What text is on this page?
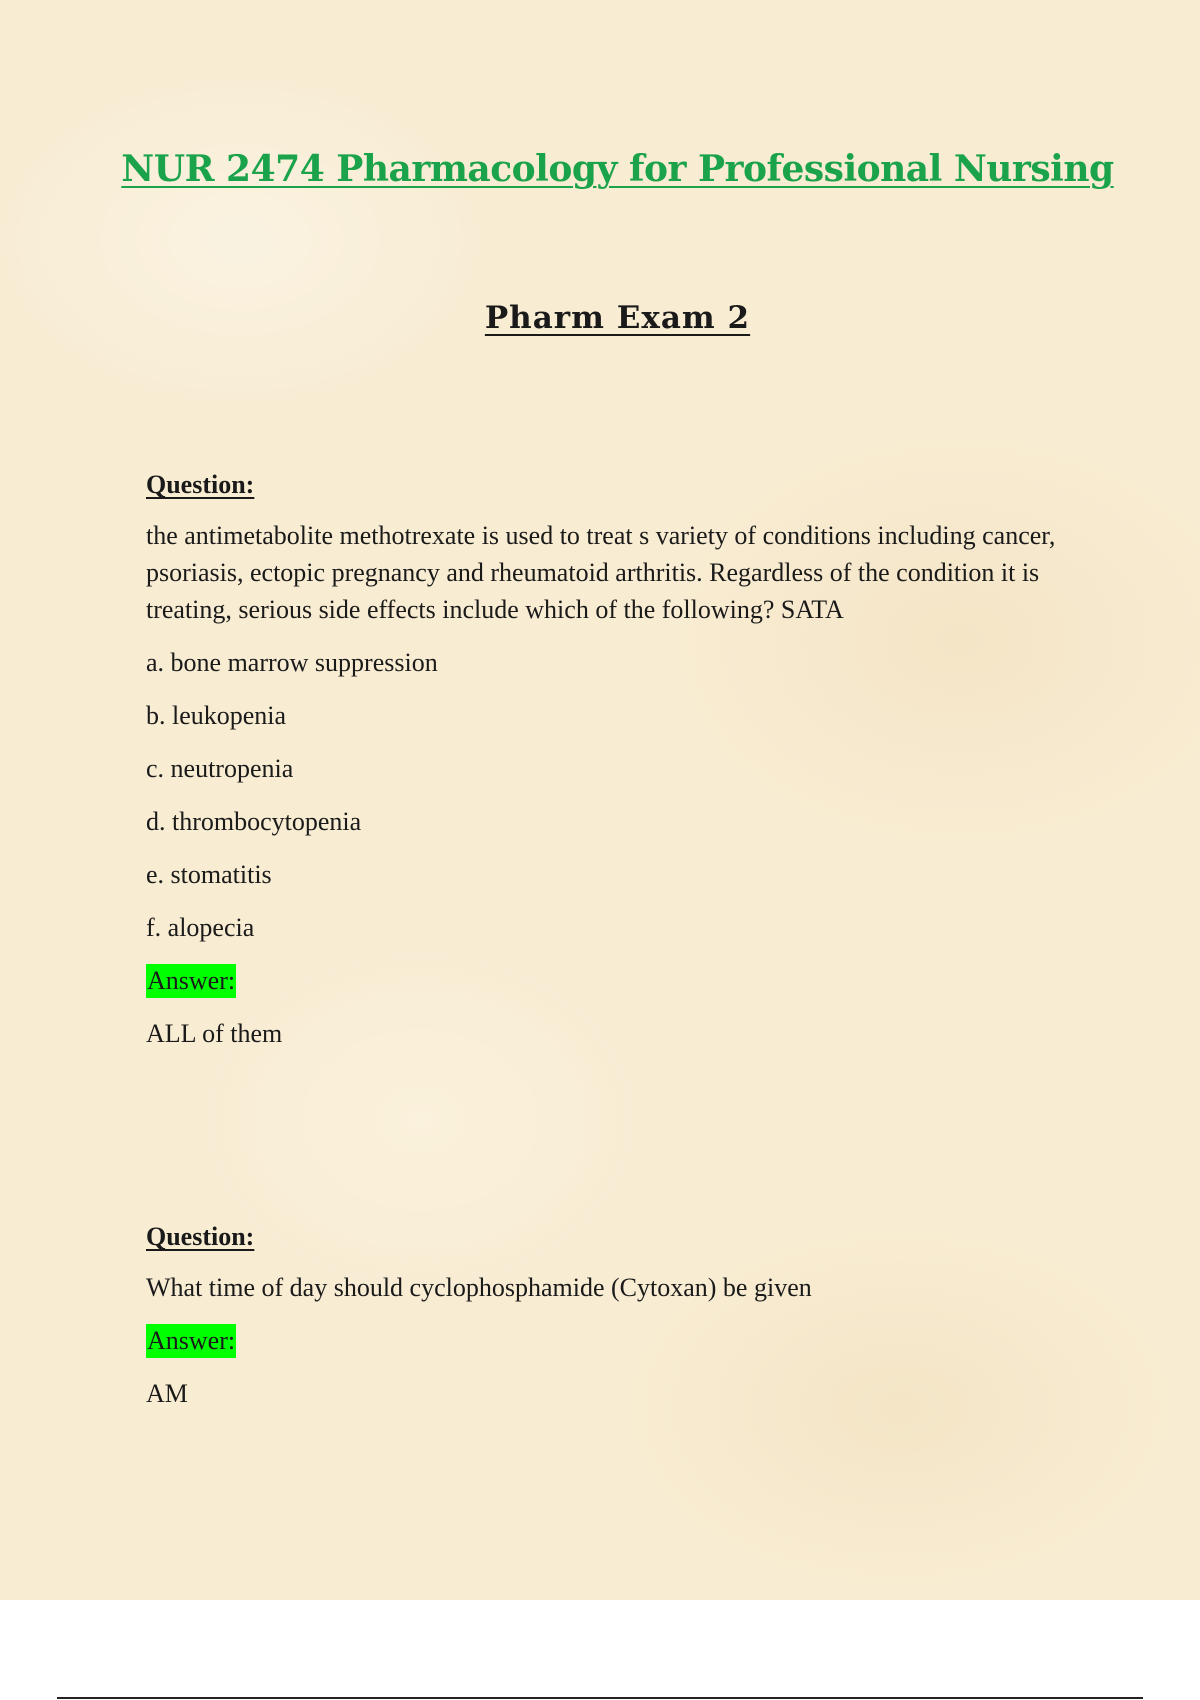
NUR 2474 Pharmacology for Professional Nursing
Pharm Exam 2
Question:
the antimetabolite methotrexate is used to treat s variety of conditions including cancer, psoriasis, ectopic pregnancy and rheumatoid arthritis. Regardless of the condition it is treating, serious side effects include which of the following? SATA
a. bone marrow suppression
b. leukopenia
c. neutropenia
d. thrombocytopenia
e. stomatitis
f. alopecia
Answer:
ALL of them
Question:
What time of day should cyclophosphamide (Cytoxan) be given
Answer:
AM
